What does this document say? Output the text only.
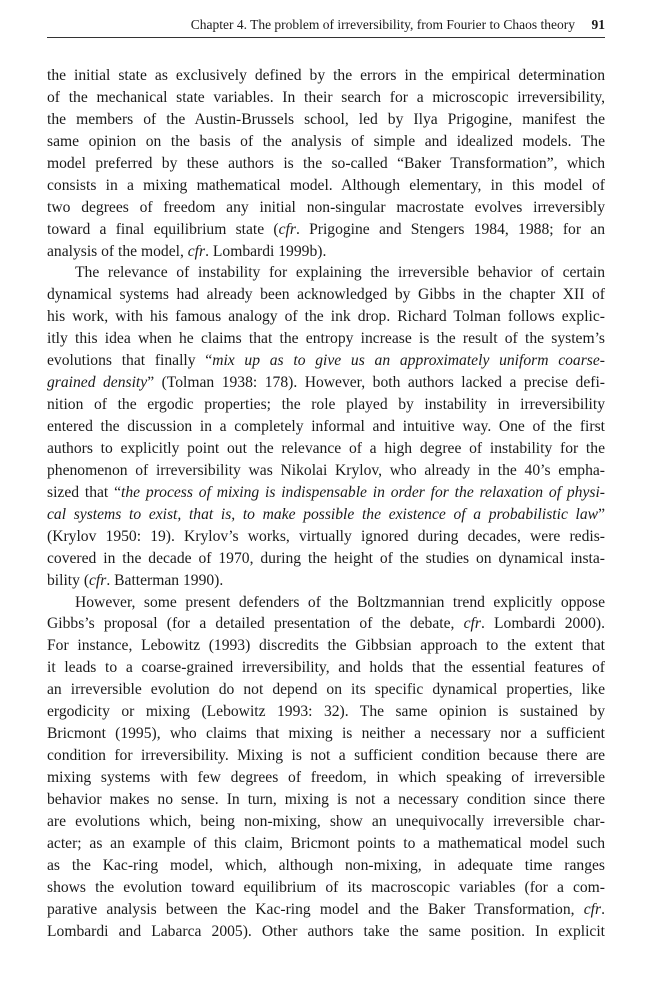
Chapter 4. The problem of irreversibility, from Fourier to Chaos theory 91
the initial state as exclusively defined by the errors in the empirical determination
of the mechanical state variables. In their search for a microscopic irreversibility,
the members of the Austin-Brussels school, led by Ilya Prigogine, manifest the
same opinion on the basis of the analysis of simple and idealized models. The
model preferred by these authors is the so-called “Baker Transformation”, which
consists in a mixing mathematical model. Although elementary, in this model of
two degrees of freedom any initial non-singular macrostate evolves irreversibly
toward a final equilibrium state (cfr. Prigogine and Stengers 1984, 1988; for an
analysis of the model, cfr. Lombardi 1999b).
The relevance of instability for explaining the irreversible behavior of certain
dynamical systems had already been acknowledged by Gibbs in the chapter XII of
his work, with his famous analogy of the ink drop. Richard Tolman follows explic-
itly this idea when he claims that the entropy increase is the result of the system’s
evolutions that finally “mix up as to give us an approximately uniform coarse-
grained density” (Tolman 1938: 178). However, both authors lacked a precise defi-
nition of the ergodic properties; the role played by instability in irreversibility
entered the discussion in a completely informal and intuitive way. One of the first
authors to explicitly point out the relevance of a high degree of instability for the
phenomenon of irreversibility was Nikolai Krylov, who already in the 40’s empha-
sized that “the process of mixing is indispensable in order for the relaxation of physi-
cal systems to exist, that is, to make possible the existence of a probabilistic law”
(Krylov 1950: 19). Krylov’s works, virtually ignored during decades, were redis-
covered in the decade of 1970, during the height of the studies on dynamical insta-
bility (cfr. Batterman 1990).
However, some present defenders of the Boltzmannian trend explicitly oppose
Gibbs’s proposal (for a detailed presentation of the debate, cfr. Lombardi 2000).
For instance, Lebowitz (1993) discredits the Gibbsian approach to the extent that
it leads to a coarse-grained irreversibility, and holds that the essential features of
an irreversible evolution do not depend on its specific dynamical properties, like
ergodicity or mixing (Lebowitz 1993: 32). The same opinion is sustained by
Bricmont (1995), who claims that mixing is neither a necessary nor a sufficient
condition for irreversibility. Mixing is not a sufficient condition because there are
mixing systems with few degrees of freedom, in which speaking of irreversible
behavior makes no sense. In turn, mixing is not a necessary condition since there
are evolutions which, being non-mixing, show an unequivocally irreversible char-
acter; as an example of this claim, Bricmont points to a mathematical model such
as the Kac-ring model, which, although non-mixing, in adequate time ranges
shows the evolution toward equilibrium of its macroscopic variables (for a com-
parative analysis between the Kac-ring model and the Baker Transformation, cfr.
Lombardi and Labarca 2005). Other authors take the same position. In explicit
